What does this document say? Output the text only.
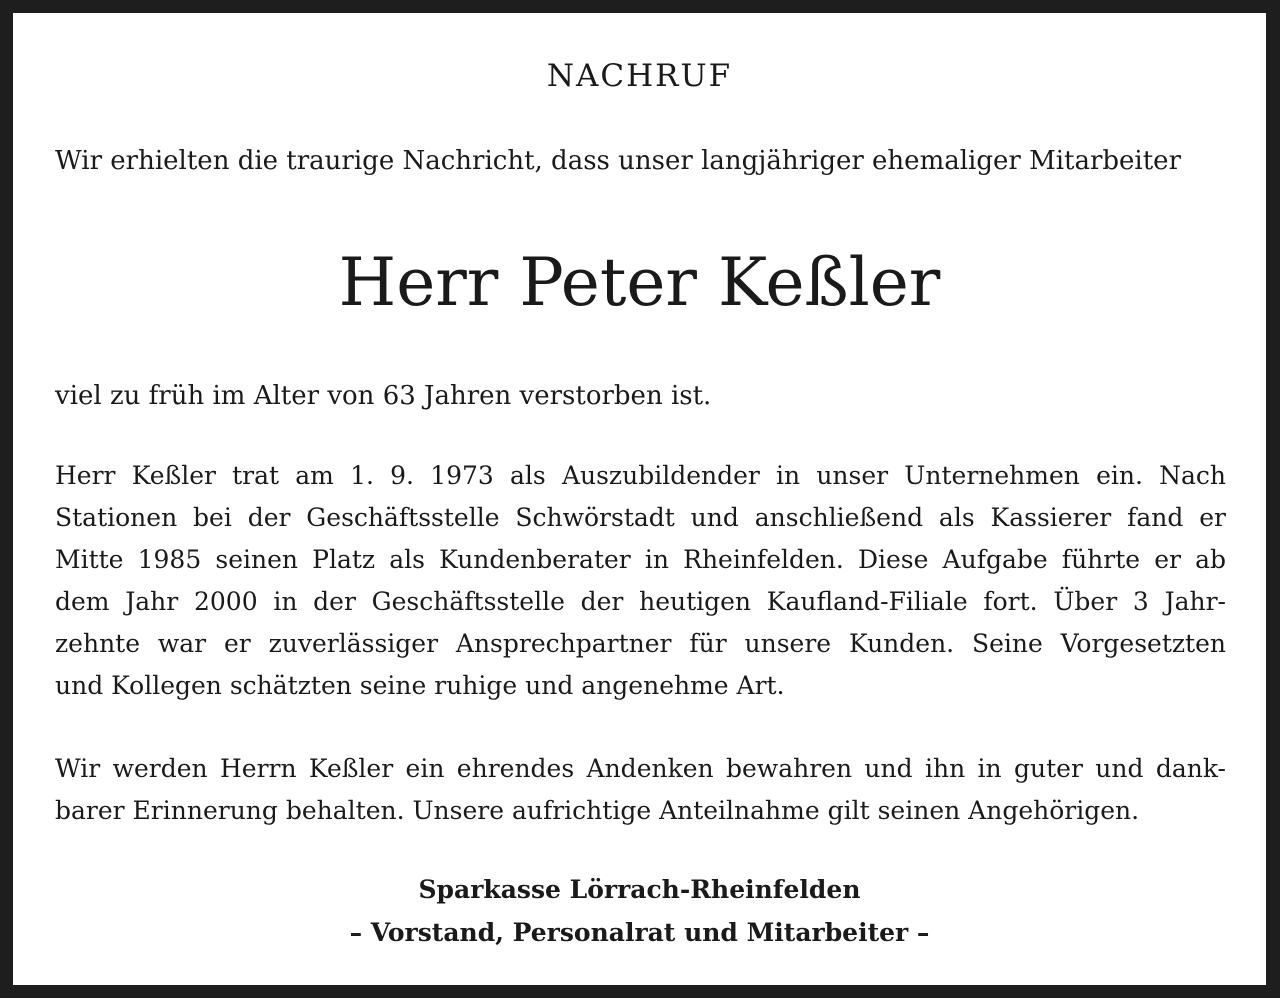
NACHRUF
Wir erhielten die traurige Nachricht, dass unser langjähriger ehemaliger Mitarbeiter
Herr Peter Keßler
viel zu früh im Alter von 63 Jahren verstorben ist.
Herr Keßler trat am 1. 9. 1973 als Auszubildender in unser Unternehmen ein. Nach
Stationen bei der Geschäftsstelle Schwörstadt und anschließend als Kassierer fand er
Mitte 1985 seinen Platz als Kundenberater in Rheinfelden. Diese Aufgabe führte er ab
dem Jahr 2000 in der Geschäftsstelle der heutigen Kaufland-Filiale fort. Über 3 Jahr-
zehnte war er zuverlässiger Ansprechpartner für unsere Kunden. Seine Vorgesetzten
und Kollegen schätzten seine ruhige und angenehme Art.
Wir werden Herrn Keßler ein ehrendes Andenken bewahren und ihn in guter und dank-
barer Erinnerung behalten. Unsere aufrichtige Anteilnahme gilt seinen Angehörigen.
Sparkasse Lörrach-Rheinfelden
– Vorstand, Personalrat und Mitarbeiter –
